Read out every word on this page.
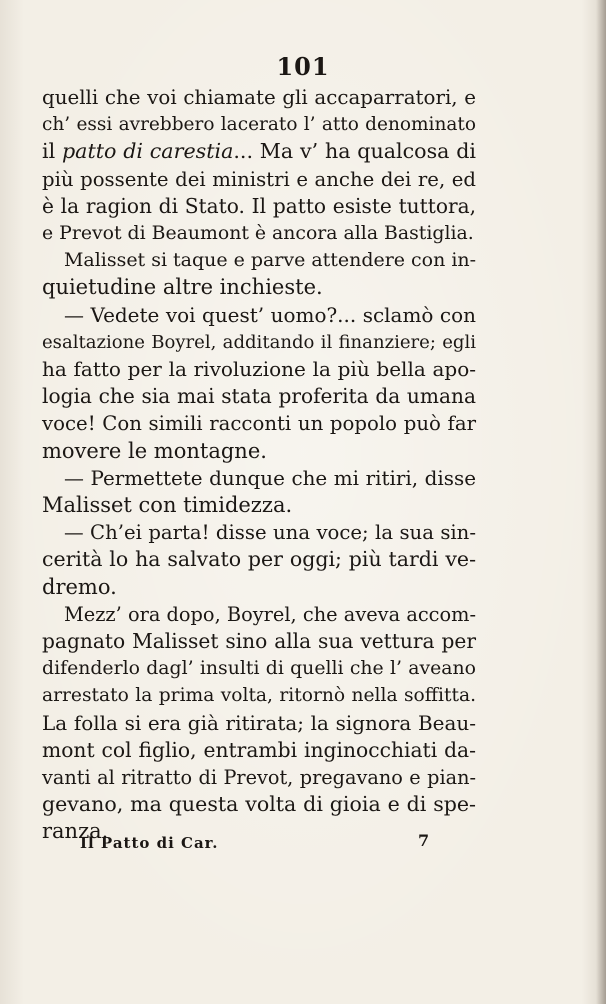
101
quelli che voi chiamate gli accaparratori, e
ch’ essi avrebbero lacerato l’ atto denominato
il patto di carestia... Ma v’ ha qualcosa di
più possente dei ministri e anche dei re, ed
è la ragion di Stato. Il patto esiste tuttora,
e Prevot di Beaumont è ancora alla Bastiglia.
Malisset si taque e parve attendere con in-
quietudine altre inchieste.
— Vedete voi quest’ uomo?... sclamò con
esaltazione Boyrel, additando il finanziere; egli
ha fatto per la rivoluzione la più bella apo-
logia che sia mai stata proferita da umana
voce! Con simili racconti un popolo può far
movere le montagne.
— Permettete dunque che mi ritiri, disse
Malisset con timidezza.
— Ch’ei parta! disse una voce; la sua sin-
cerità lo ha salvato per oggi; più tardi ve-
dremo.
Mezz’ ora dopo, Boyrel, che aveva accom-
pagnato Malisset sino alla sua vettura per
difenderlo dagl’ insulti di quelli che l’ aveano
arrestato la prima volta, ritornò nella soffitta.
La folla si era già ritirata; la signora Beau-
mont col figlio, entrambi inginocchiati da-
vanti al ritratto di Prevot, pregavano e pian-
gevano, ma questa volta di gioia e di spe-
ranza.
Il Patto di Car.	7
